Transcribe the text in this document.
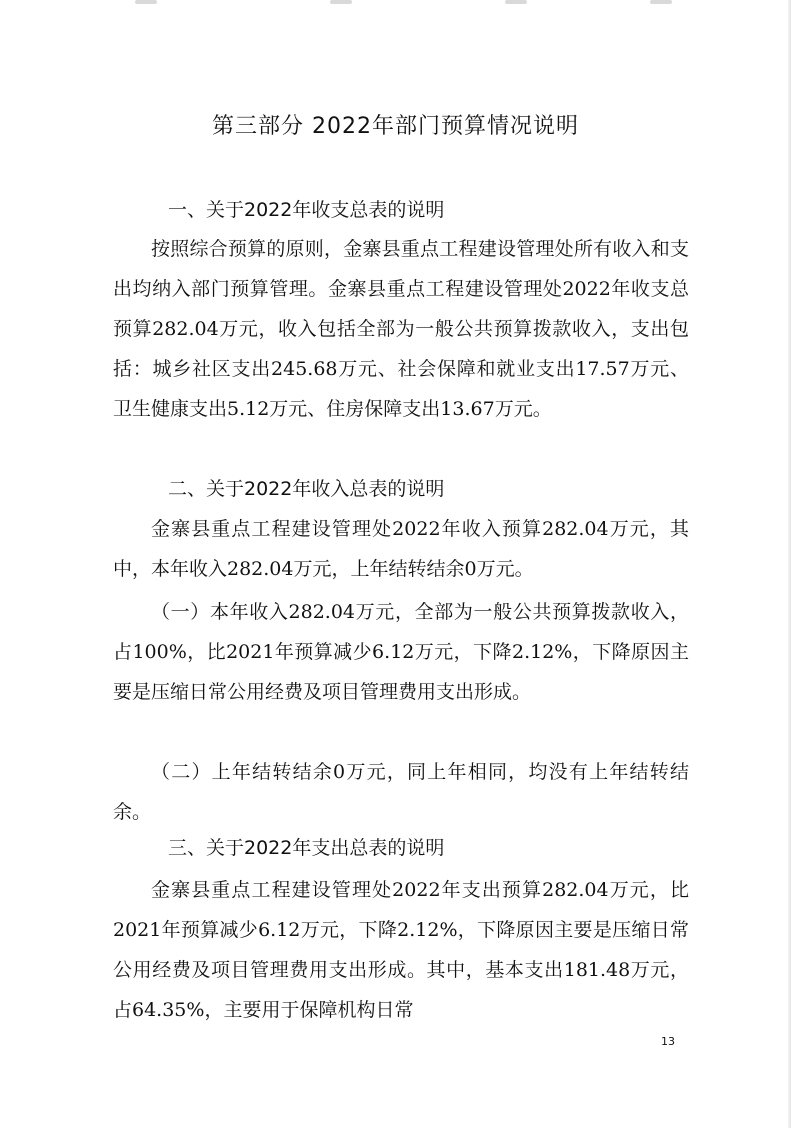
第三部分 2022年部门预算情况说明
一、关于2022年收支总表的说明

按照综合预算的原则，金寨县重点工程建设管理处所有收入和支出均纳入部门预算管理。金寨县重点工程建设管理处2022年收支总预算282.04万元，收入包括全部为一般公共预算拨款收入，支出包括：城乡社区支出245.68万元、社会保障和就业支出17.57万元、卫生健康支出5.12万元、住房保障支出13.67万元。

二、关于2022年收入总表的说明

金寨县重点工程建设管理处2022年收入预算282.04万元，其中，本年收入282.04万元，上年结转结余0万元。

（一）本年收入282.04万元，全部为一般公共预算拨款收入，占100%，比2021年预算减少6.12万元，下降2.12%，下降原因主要是压缩日常公用经费及项目管理费用支出形成。

（二）上年结转结余0万元，同上年相同，均没有上年结转结余。

三、关于2022年支出总表的说明

金寨县重点工程建设管理处2022年支出预算282.04万元，比2021年预算减少6.12万元，下降2.12%，下降原因主要是压缩日常公用经费及项目管理费用支出形成。其中，基本支出181.48万元，占64.35%，主要用于保障机构日常

13
